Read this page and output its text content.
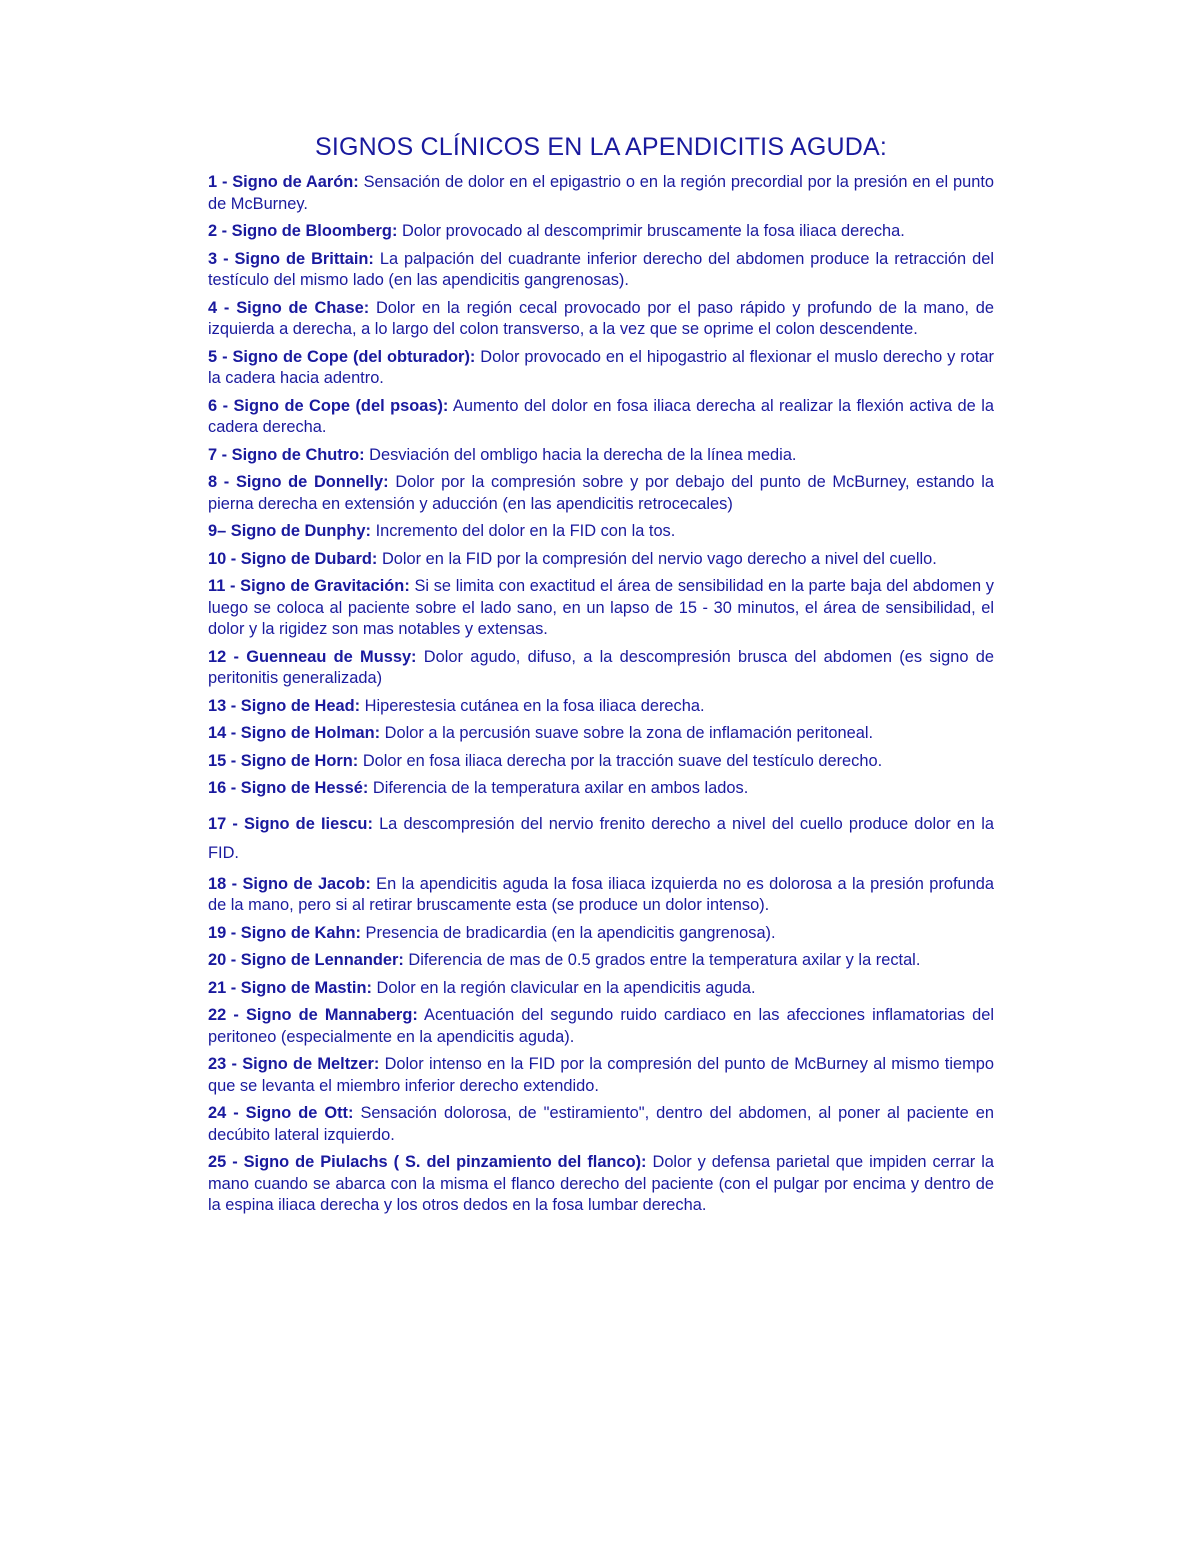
SIGNOS CLÍNICOS EN LA APENDICITIS AGUDA:

1 - Signo de Aarón: Sensación de dolor en el epigastrio o en la región precordial por la presión en el punto de McBurney.

2 - Signo de Bloomberg: Dolor provocado al descomprimir bruscamente la fosa iliaca derecha.

3 - Signo de Brittain: La palpación del cuadrante inferior derecho del abdomen produce la retracción del testículo del mismo lado (en las apendicitis gangrenosas).

4 - Signo de Chase: Dolor en la región cecal provocado por el paso rápido y profundo de la mano, de izquierda a derecha, a lo largo del colon transverso, a la vez que se oprime el colon descendente.

5 - Signo de Cope (del obturador): Dolor provocado en el hipogastrio al flexionar el muslo derecho y rotar la cadera hacia adentro.

6 - Signo de Cope (del psoas): Aumento del dolor en fosa iliaca derecha al realizar la flexión activa de la cadera derecha.

7 - Signo de Chutro: Desviación del ombligo hacia la derecha de la línea media.

8 - Signo de Donnelly: Dolor por la compresión sobre y por debajo del punto de McBurney, estando la pierna derecha en extensión y aducción (en las apendicitis retrocecales)

9– Signo de Dunphy: Incremento del dolor en la FID con la tos.

10 - Signo de Dubard: Dolor en la FID por la compresión del nervio vago derecho a nivel del cuello.

11 - Signo de Gravitación: Si se limita con exactitud el área de sensibilidad en la parte baja del abdomen y luego se coloca al paciente sobre el lado sano, en un lapso de 15 - 30 minutos, el área de sensibilidad, el dolor y la rigidez son mas notables y extensas.

12 - Guenneau de Mussy: Dolor agudo, difuso, a la descompresión brusca del abdomen (es signo de peritonitis generalizada)

13 - Signo de Head: Hiperestesia cutánea en la fosa iliaca derecha.

14 - Signo de Holman: Dolor a la percusión suave sobre la zona de inflamación peritoneal.

15 - Signo de Horn: Dolor en fosa iliaca derecha por la tracción suave del testículo derecho.

16 - Signo de Hessé: Diferencia de la temperatura axilar en ambos lados.

17 - Signo de Iiescu: La descompresión del nervio frenito derecho a nivel del cuello produce dolor en la FID.

18 - Signo de Jacob: En la apendicitis aguda la fosa iliaca izquierda no es dolorosa a la presión profunda de la mano, pero si al retirar bruscamente esta (se produce un dolor intenso).

19 - Signo de Kahn: Presencia de bradicardia (en la apendicitis gangrenosa).

20 - Signo de Lennander: Diferencia de mas de 0.5 grados entre la temperatura axilar y la rectal.

21 - Signo de Mastin: Dolor en la región clavicular en la apendicitis aguda.

22 - Signo de Mannaberg: Acentuación del segundo ruido cardiaco en las afecciones inflamatorias del peritoneo (especialmente en la apendicitis aguda).

23 - Signo de Meltzer: Dolor intenso en la FID por la compresión del punto de McBurney al mismo tiempo que se levanta el miembro inferior derecho extendido.

24 - Signo de Ott: Sensación dolorosa, de "estiramiento", dentro del abdomen, al poner al paciente en decúbito lateral izquierdo.

25 - Signo de Piulachs ( S. del pinzamiento del flanco): Dolor y defensa parietal que impiden cerrar la mano cuando se abarca con la misma el flanco derecho del paciente (con el pulgar por encima y dentro de la espina iliaca derecha y los otros dedos en la fosa lumbar derecha.
